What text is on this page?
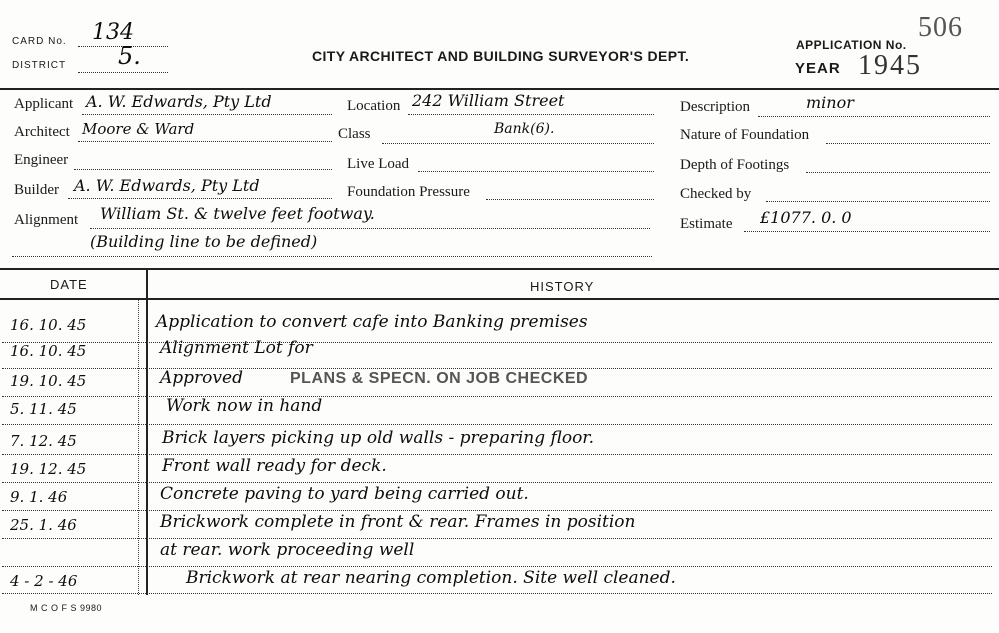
CARD No. 134
DISTRICT 5.	CITY ARCHITECT AND BUILDING SURVEYOR'S DEPT.
506
APPLICATION No.
YEAR 1945
Applicant A. W. Edwards, Pty Ltd
Architect Moore & Ward
Engineer
Builder A. W. Edwards, Pty Ltd
Alignment William St. & twelve feet footway.
(Building line to be defined)
Location 242 William Street
Class	Bank(6).
Live Load
Foundation Pressure
Description	minor
Nature of Foundation
Depth of Footings
Checked by
Estimate £1077. 0. 0
DATE	HISTORY
16. 10. 45	Application to convert cafe into Banking premises
16. 10. 45	Alignment Lot for
19. 10. 45	Approved	PLANS & SPECN. ON JOB CHECKED
5. 11. 45	Work now in hand
7. 12. 45	Brick layers picking up old walls - preparing floor.
19. 12. 45	Front wall ready for deck.
9. 1. 46	Concrete paving to yard being carried out.
25. 1. 46	Brickwork complete in front & rear. Frames in position
at rear. work proceeding well
4 - 2 - 46	Brickwork at rear nearing completion. Site well cleaned.
M C O F S 9980
